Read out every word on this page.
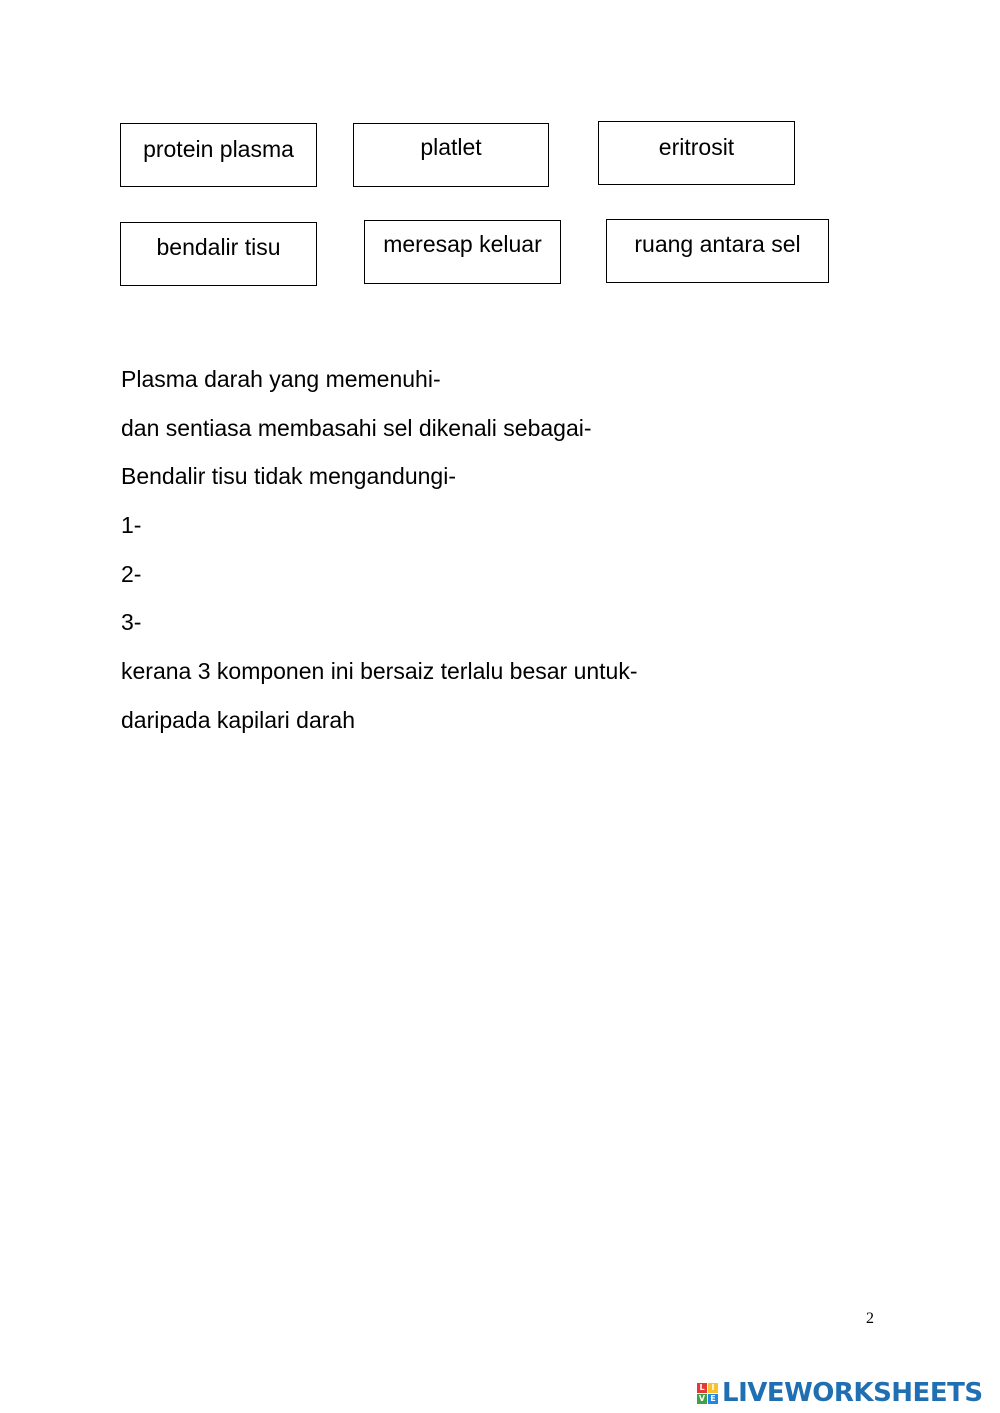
protein plasma	platlet	eritrosit
bendalir tisu	meresap keluar	ruang antara sel
Plasma darah yang memenuhi-
dan sentiasa membasahi sel dikenali sebagai-
Bendalir tisu tidak mengandungi-
1-
2-
3-
kerana 3 komponen ini bersaiz terlalu besar untuk-
daripada kapilari darah
2
L I
V E LIVEWORKSHEETS
